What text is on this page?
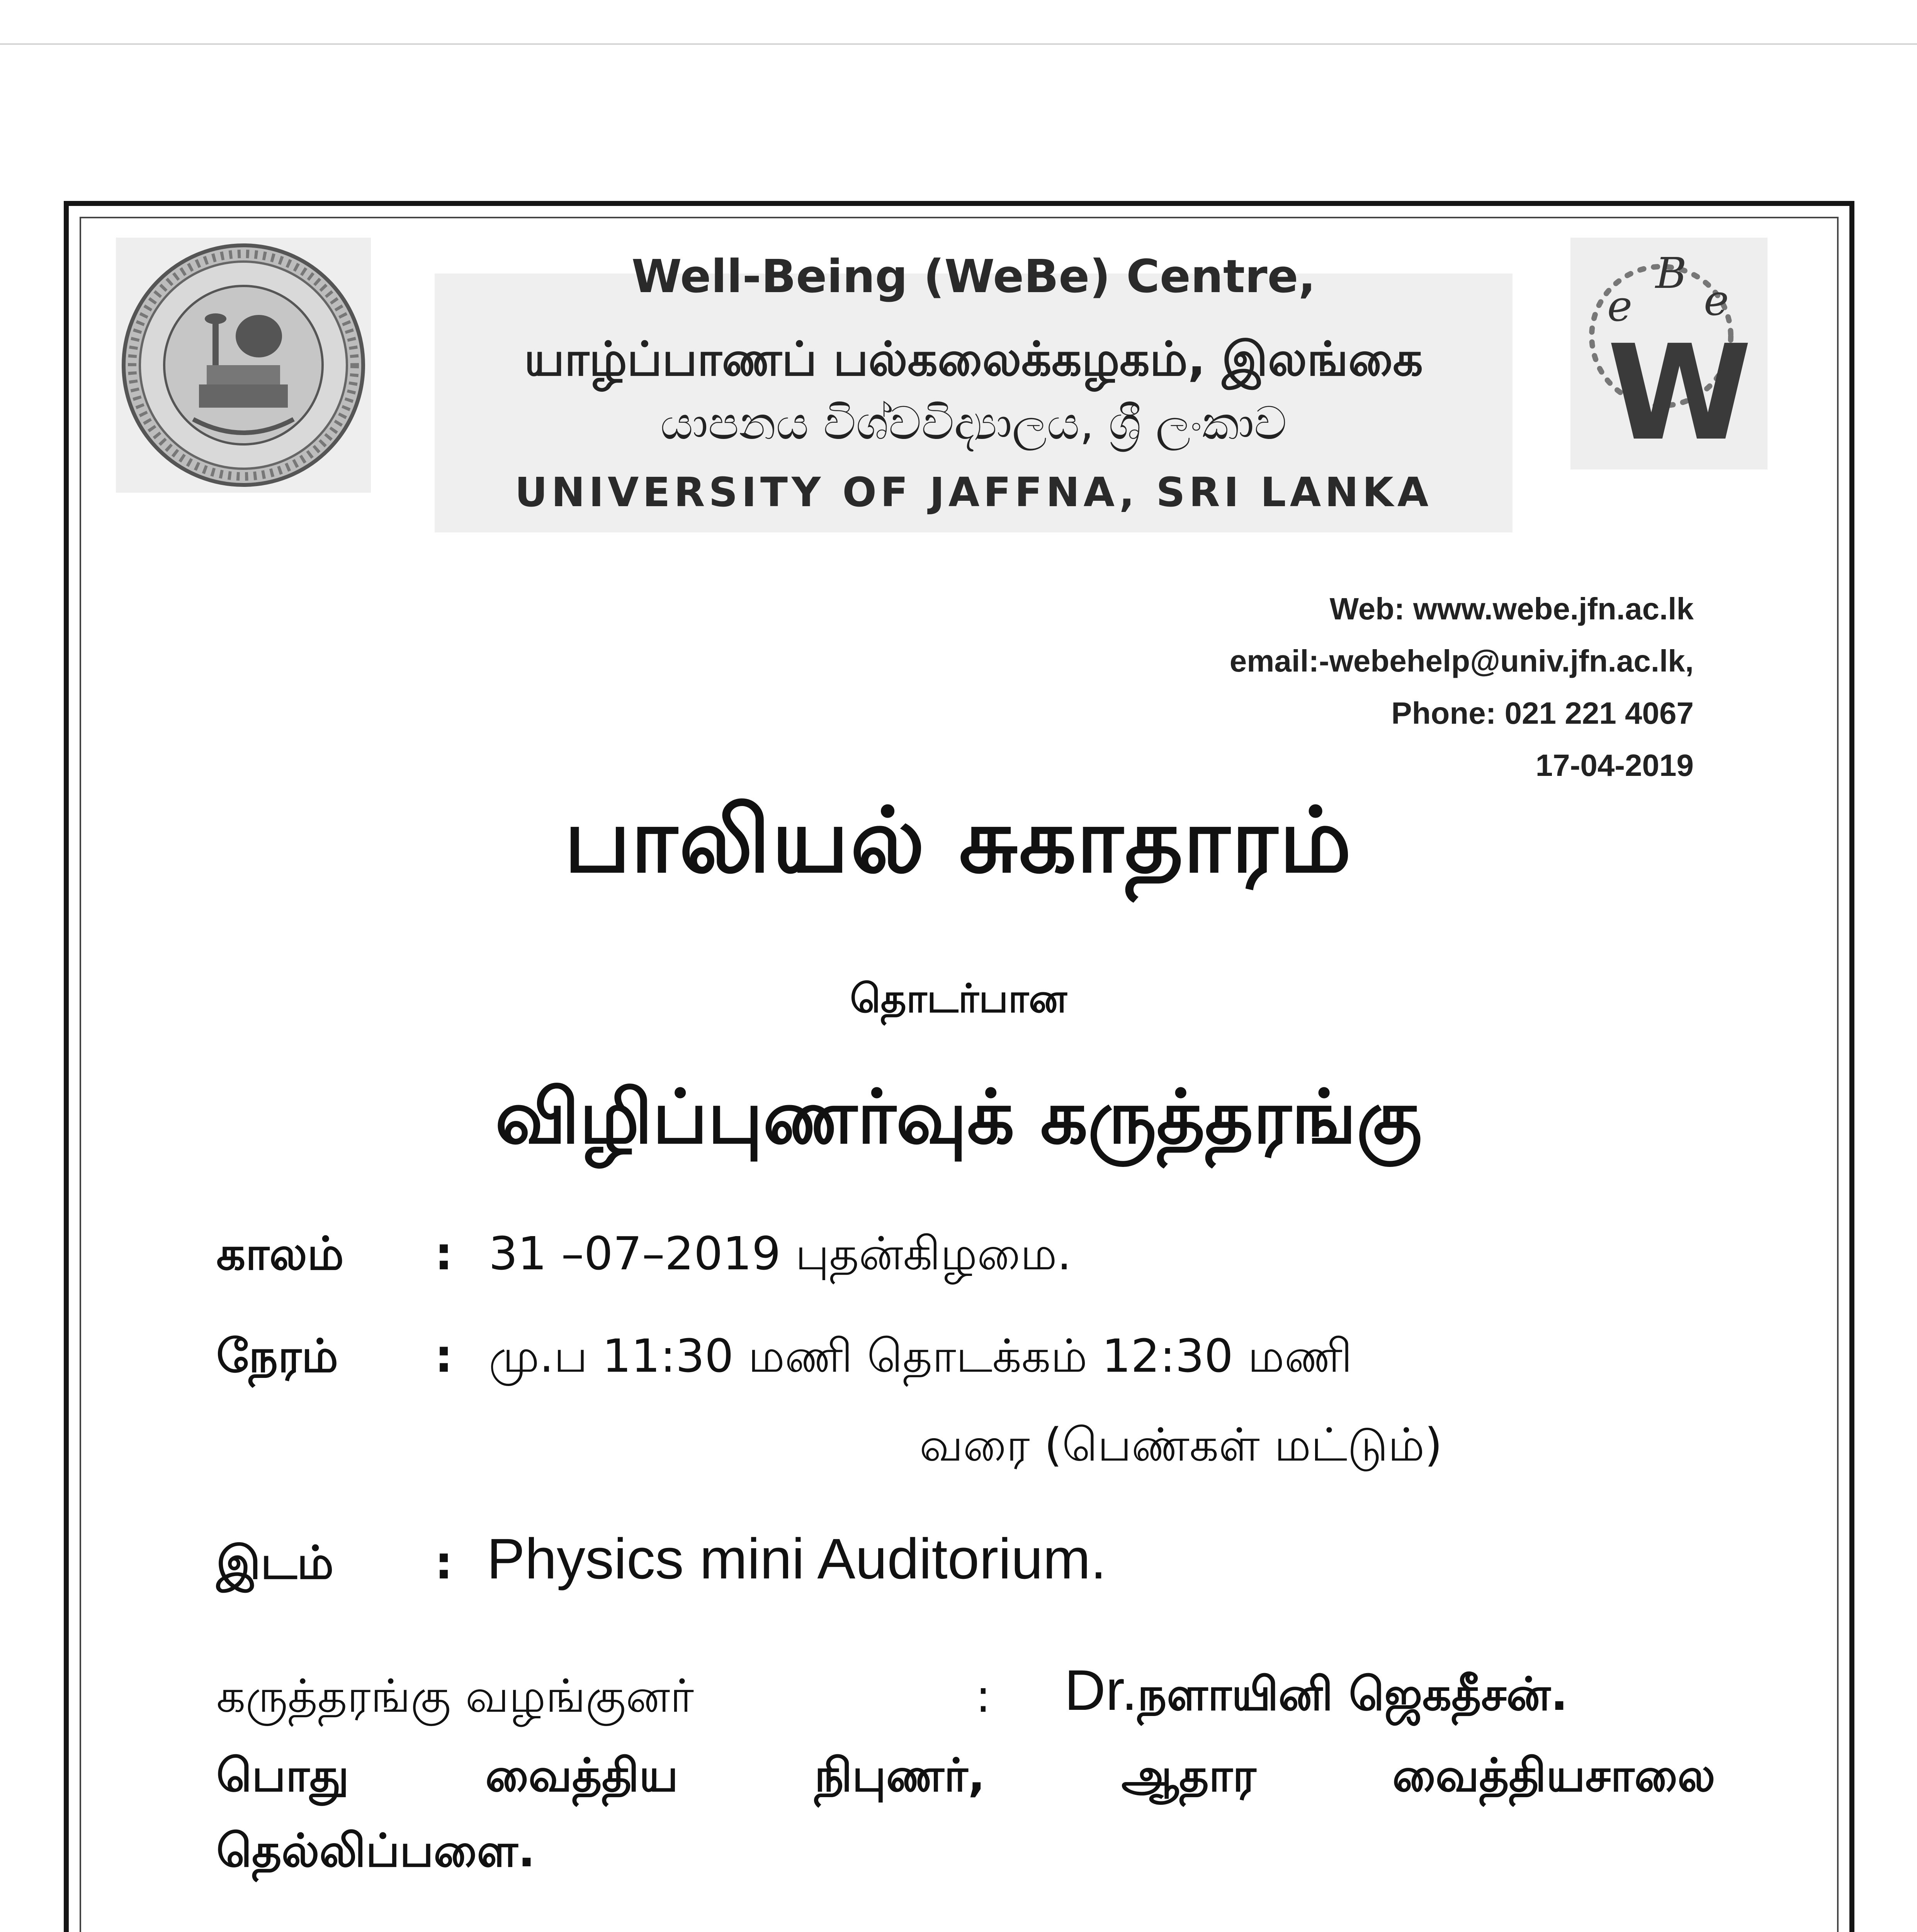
Well-Being (WeBe) Centre,
யாழ்ப்பாணப் பல்கலைக்கழகம், இலங்கை
යාපනය විශ්වවිද්‍යාලය, ශ්‍රී ලංකාව
UNIVERSITY OF JAFFNA, SRI LANKA
B
e e
W
Web: www.webe.jfn.ac.lk
email:-webehelp@univ.jfn.ac.lk,
Phone: 021 221 4067
17-04-2019
பாலியல் சுகாதாரம்
தொடர்பான
விழிப்புணர்வுக் கருத்தரங்கு
காலம் : 31 –07–2019 புதன்கிழமை.
நேரம் : மு.ப 11:30 மணி தொடக்கம் 12:30 மணி
வரை (பெண்கள் மட்டும்)
இடம் : Physics mini Auditorium.
கருத்தரங்கு வழங்குனர்	: Dr.நளாயினி ஜெகதீசன்.
பொது	வைத்திய	நிபுணர்,	ஆதார	வைத்தியசாலை
தெல்லிப்பளை.
